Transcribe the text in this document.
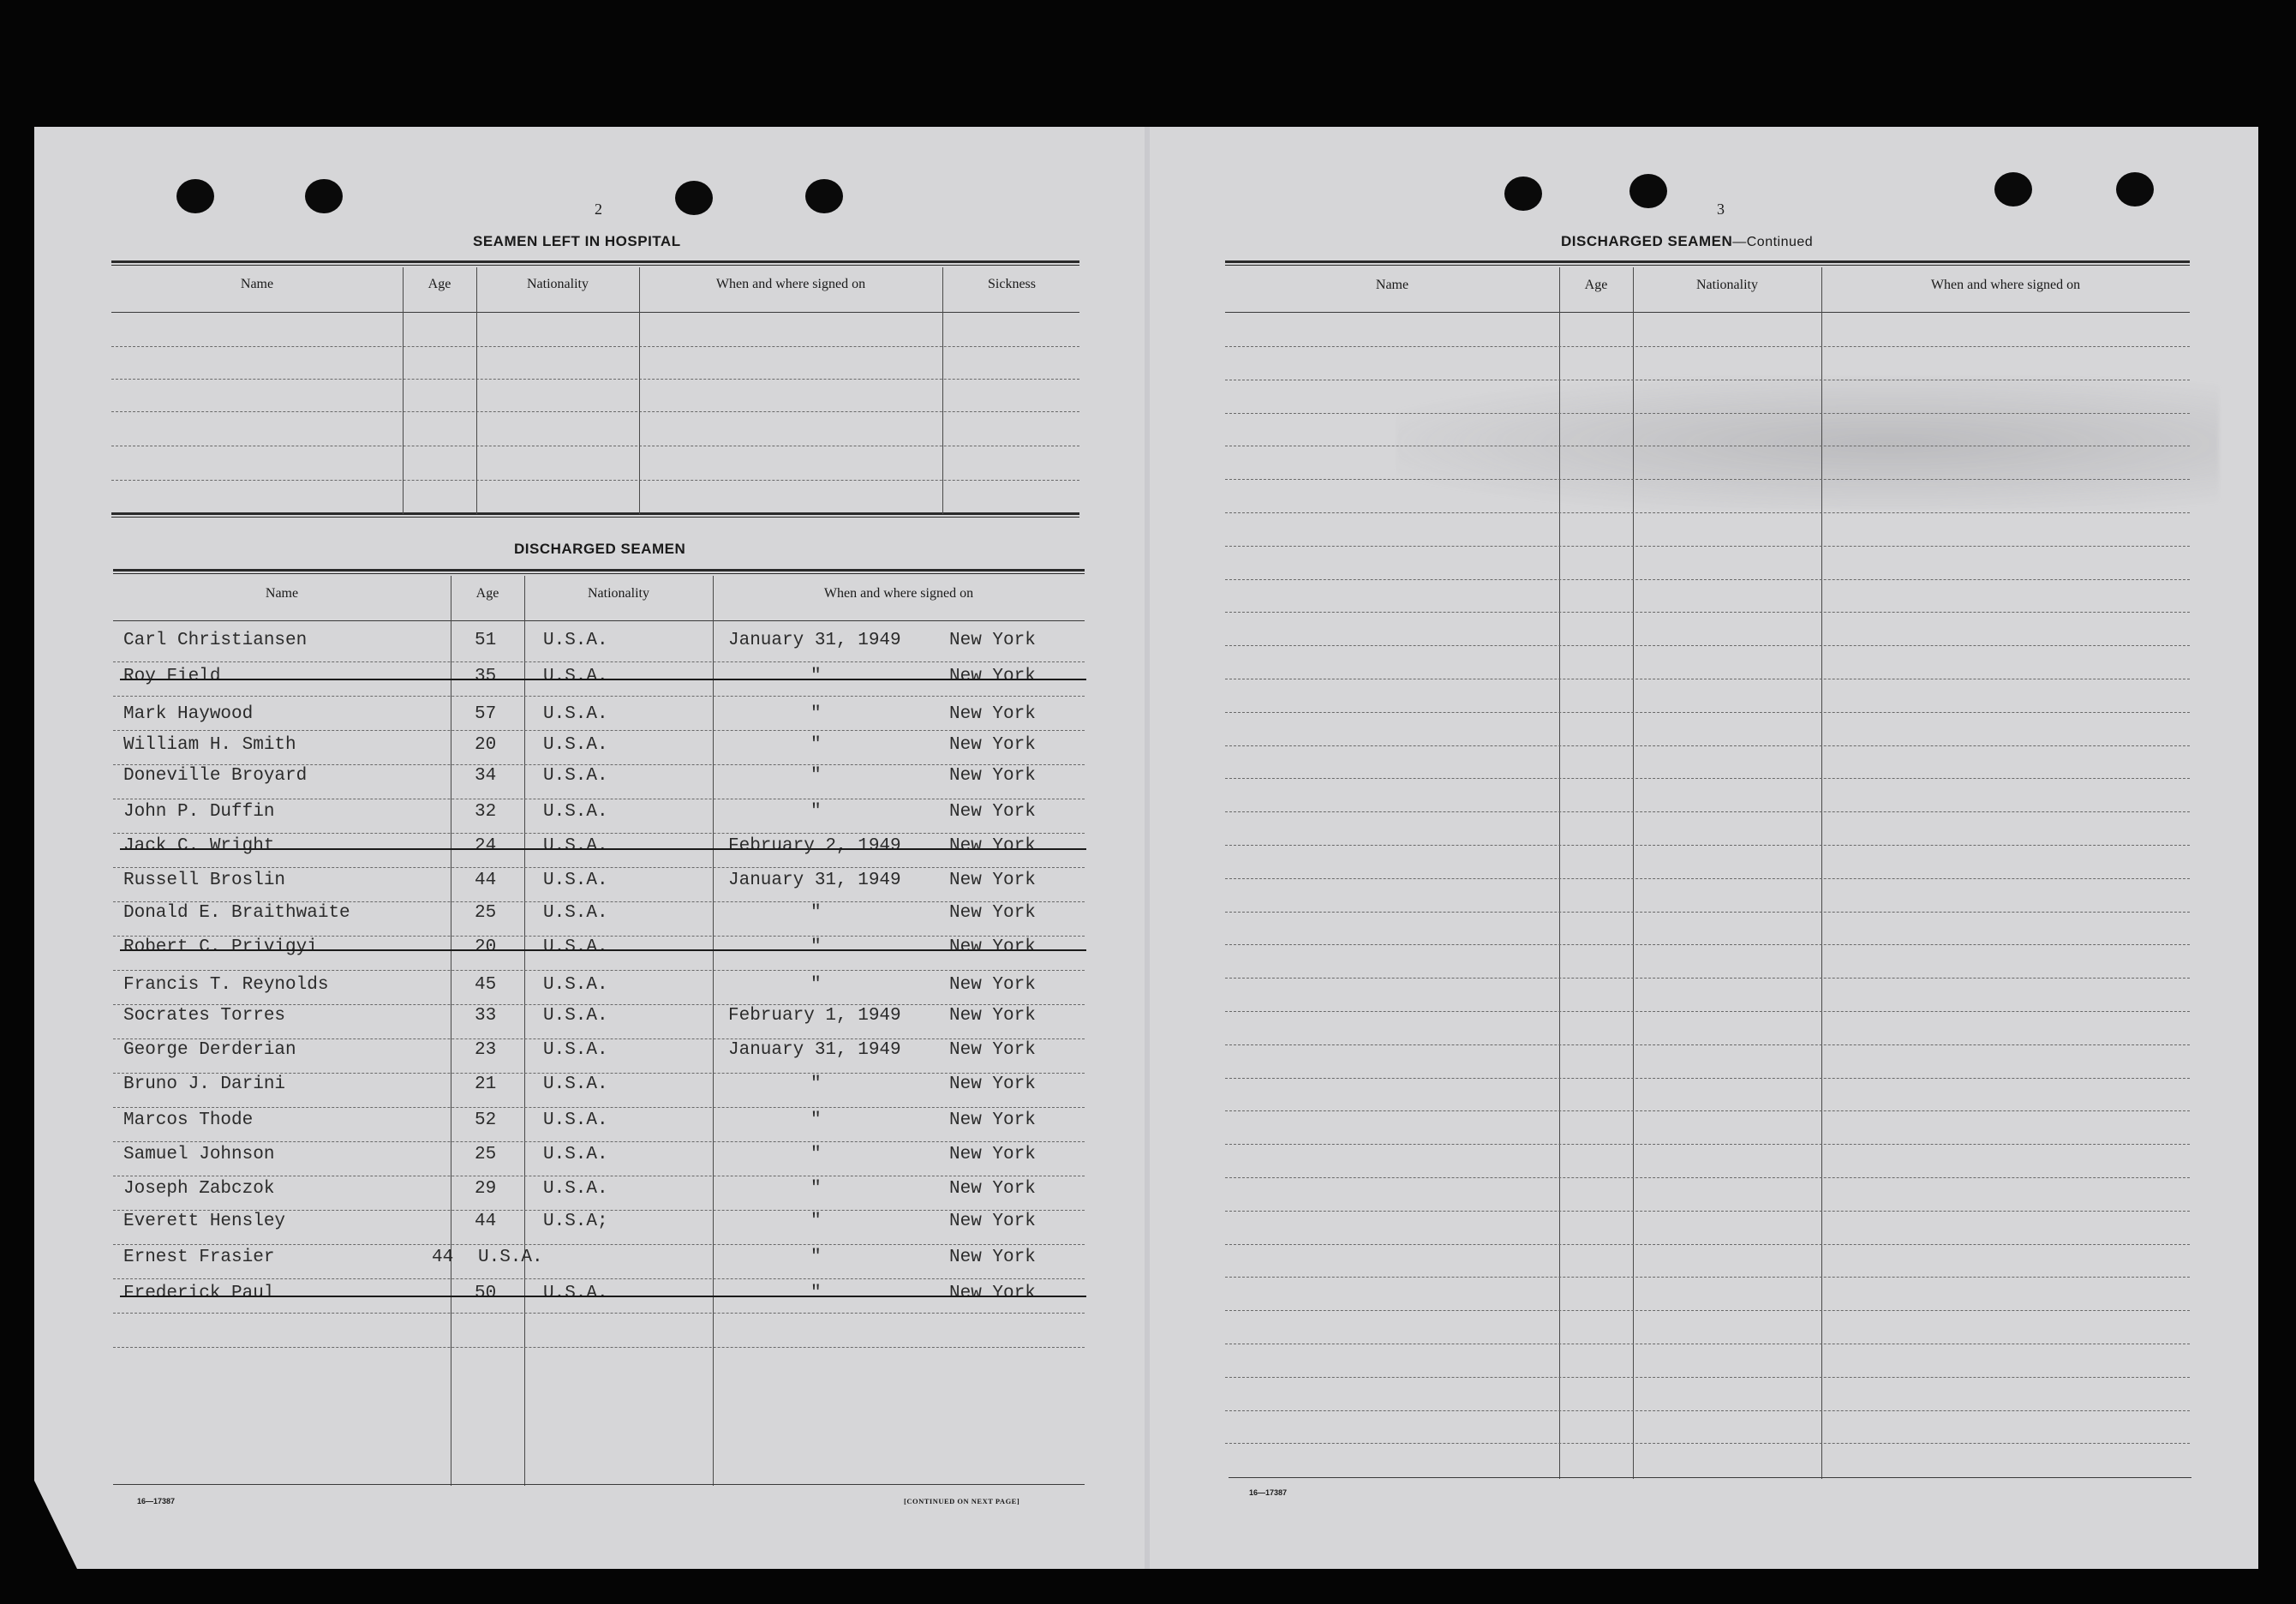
2
SEAMEN LEFT IN HOSPITAL
Name	Age	Nationality	When and where signed on	Sickness
DISCHARGED SEAMEN
Name	Age	Nationality	When and where signed on
Carl Christiansen	51	U.S.A.	January 31, 1949	New York
Roy Field	35	U.S.A.	"	New York
Mark Haywood	57	U.S.A.	"	New York
William H. Smith	20	U.S.A.	"	New York
Doneville Broyard	34	U.S.A.	"	New York
John P. Duffin	32	U.S.A.	"	New York
Jack C. Wright	24	U.S.A.	February 2, 1949	New York
Russell Broslin	44	U.S.A.	January 31, 1949	New York
Donald E. Braithwaite	25	U.S.A.	"	New York
Robert C. Privigyi	20	U.S.A.	"	New York
Francis T. Reynolds	45	U.S.A.	"	New York
Socrates Torres	33	U.S.A.	February 1, 1949	New York
George Derderian	23	U.S.A.	January 31, 1949	New York
Bruno J. Darini	21	U.S.A.	"	New York
Marcos Thode	52	U.S.A.	"	New York
Samuel Johnson	25	U.S.A.	"	New York
Joseph Zabczok	29	U.S.A.	"	New York
Everett Hensley	44	U.S.A;	"	New York
Ernest Frasier	44 U.S.A.	"	New York
Frederick Paul	50	U.S.A.	"	New York
16—17387	[CONTINUED ON NEXT PAGE]
3
DISCHARGED SEAMEN—Continued
Name	Age	Nationality	When and where signed on
16—17387
